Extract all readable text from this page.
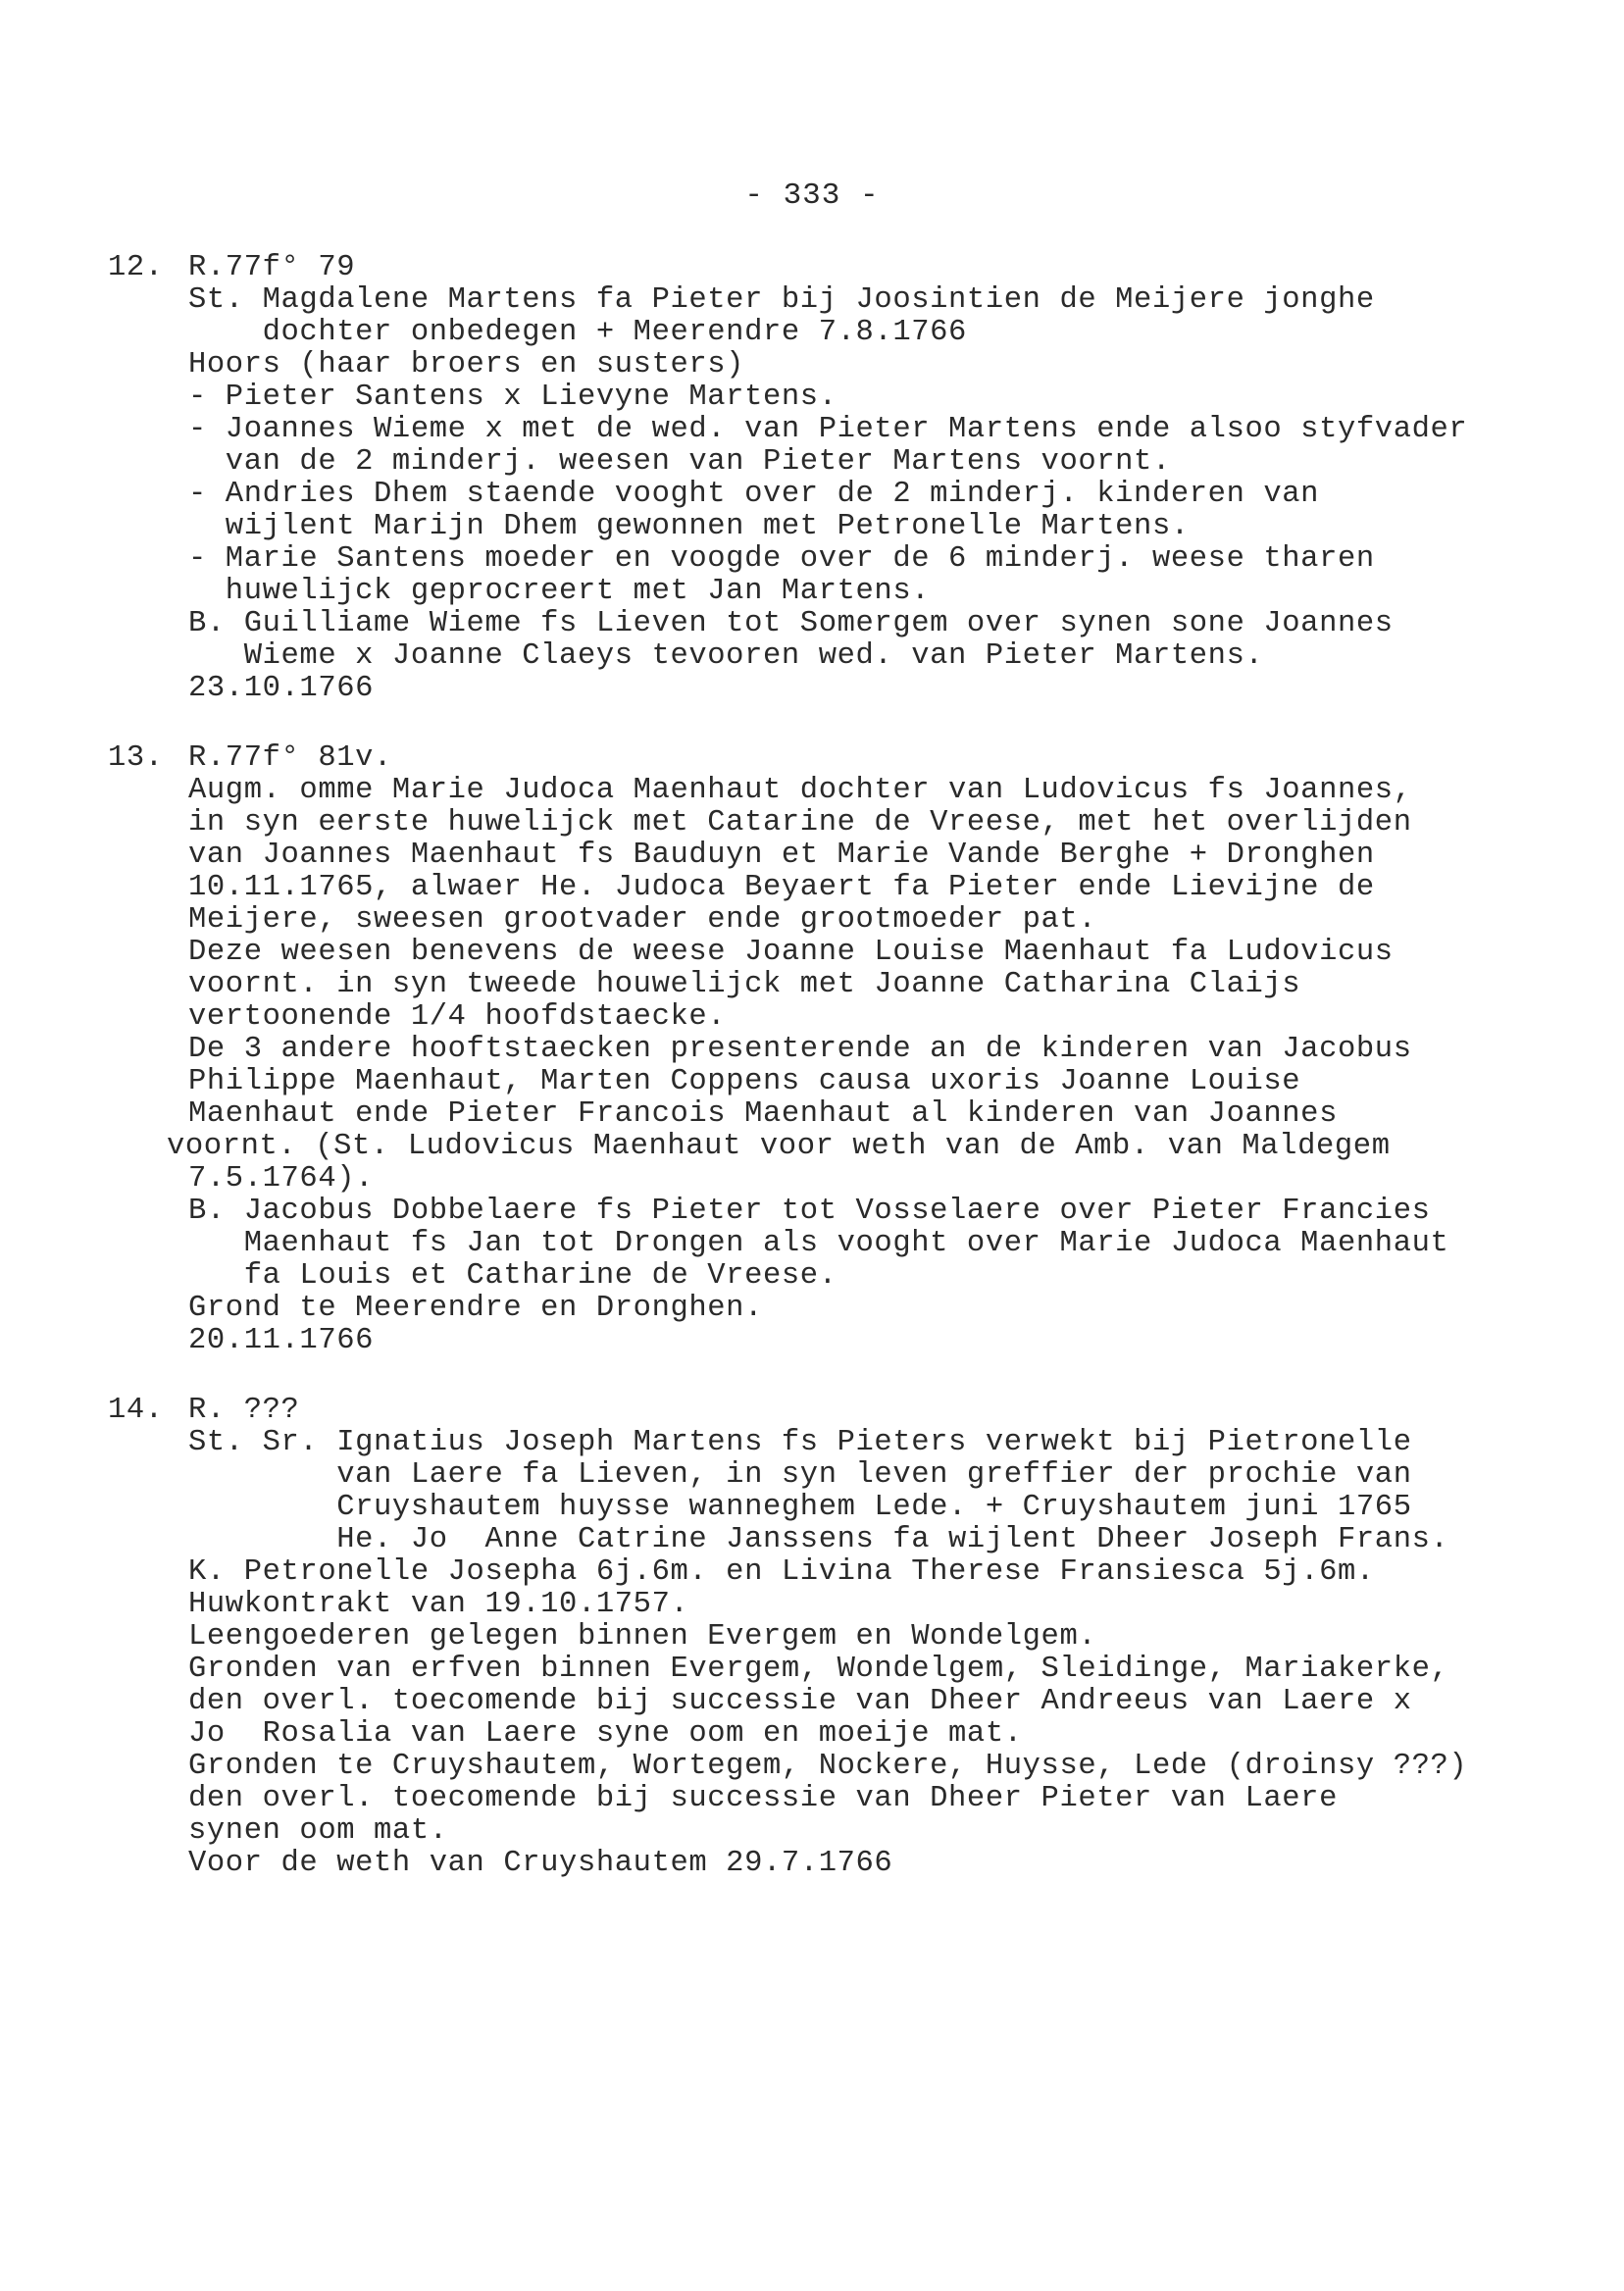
- 333 -
12. R.77f° 79
St. Magdalene Martens fa Pieter bij Joosintien de Meijere jonghe
dochter onbedegen + Meerendre 7.8.1766
Hoors (haar broers en susters)
- Pieter Santens x Lievyne Martens.
- Joannes Wieme x met de wed. van Pieter Martens ende alsoo styfvader
van de 2 minderj. weesen van Pieter Martens voornt.
- Andries Dhem staende vooght over de 2 minderj. kinderen van
wijlent Marijn Dhem gewonnen met Petronelle Martens.
- Marie Santens moeder en voogde over de 6 minderj. weese tharen
huwelijck geprocreert met Jan Martens.
B. Guilliame Wieme fs Lieven tot Somergem over synen sone Joannes
Wieme x Joanne Claeys tevooren wed. van Pieter Martens.
23.10.1766
13. R.77f° 81v.
Augm. omme Marie Judoca Maenhaut dochter van Ludovicus fs Joannes,
in syn eerste huwelijck met Catarine de Vreese, met het overlijden
van Joannes Maenhaut fs Bauduyn et Marie Vande Berghe + Dronghen
10.11.1765, alwaer He. Judoca Beyaert fa Pieter ende Lievijne de
Meijere, sweesen grootvader ende grootmoeder pat.
Deze weesen benevens de weese Joanne Louise Maenhaut fa Ludovicus
voornt. in syn tweede houwelijck met Joanne Catharina Claijs
vertoonende 1/4 hoofdstaecke.
De 3 andere hooftstaecken presenterende an de kinderen van Jacobus
Philippe Maenhaut, Marten Coppens causa uxoris Joanne Louise
Maenhaut ende Pieter Francois Maenhaut al kinderen van Joannes
voornt. (St. Ludovicus Maenhaut voor weth van de Amb. van Maldegem
7.5.1764).
B. Jacobus Dobbelaere fs Pieter tot Vosselaere over Pieter Francies
Maenhaut fs Jan tot Drongen als vooght over Marie Judoca Maenhaut
fa Louis et Catharine de Vreese.
Grond te Meerendre en Dronghen.
20.11.1766
14. R. ???
St. Sr. Ignatius Joseph Martens fs Pieters verwekt bij Pietronelle
van Laere fa Lieven, in syn leven greffier der prochie van
Cruyshautem huysse wanneghem Lede. + Cruyshautem juni 1765
He. Jo  Anne Catrine Janssens fa wijlent Dheer Joseph Frans.
K. Petronelle Josepha 6j.6m. en Livina Therese Fransiesca 5j.6m.
Huwkontrakt van 19.10.1757.
Leengoederen gelegen binnen Evergem en Wondelgem.
Gronden van erfven binnen Evergem, Wondelgem, Sleidinge, Mariakerke,
den overl. toecomende bij successie van Dheer Andreeus van Laere x
Jo  Rosalia van Laere syne oom en moeije mat.
Gronden te Cruyshautem, Wortegem, Nockere, Huysse, Lede (droinsy ???)
den overl. toecomende bij successie van Dheer Pieter van Laere
synen oom mat.
Voor de weth van Cruyshautem 29.7.1766
